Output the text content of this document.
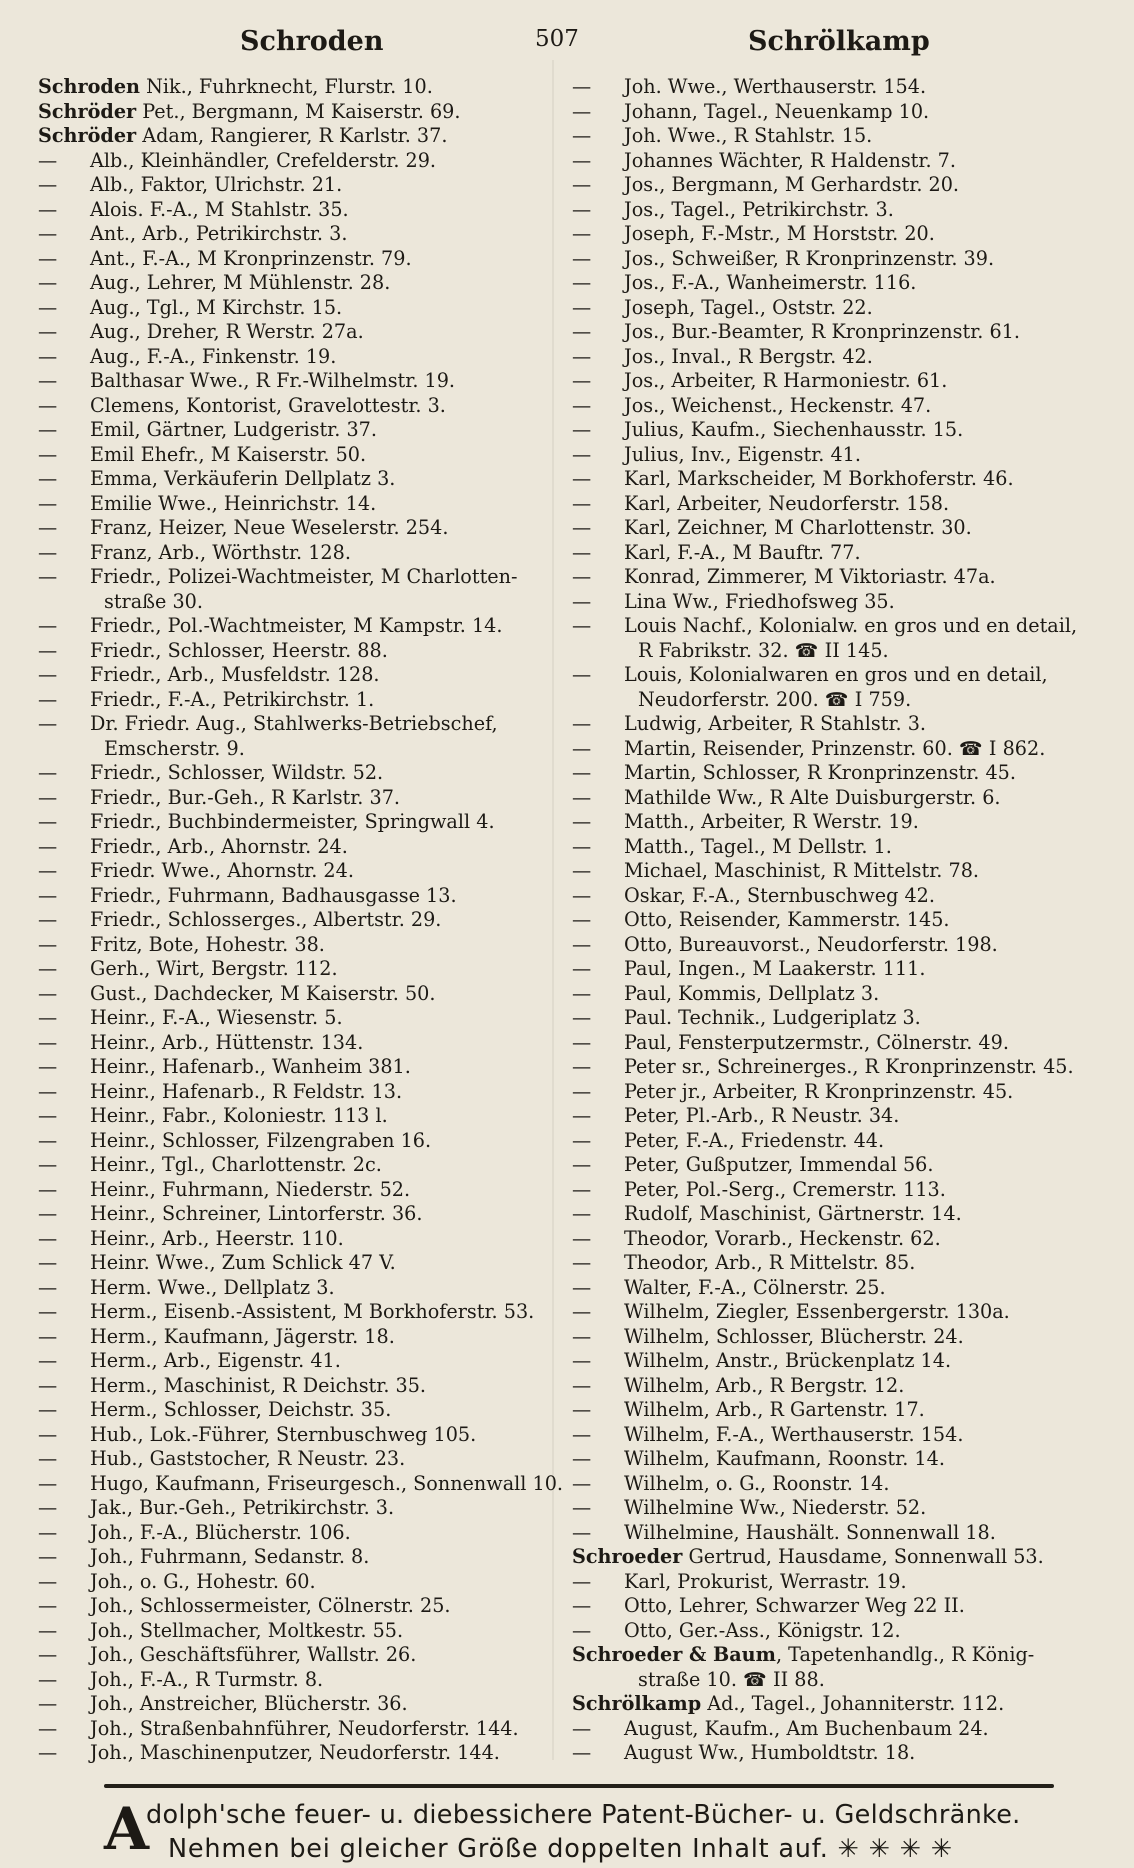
Schroden	507	Schrölkamp
Schroden Nik., Fuhrknecht, Flurstr. 10.
Schröder Pet., Bergmann, M Kaiserstr. 69.
Schröder Adam, Rangierer, R Karlstr. 37.
— Alb., Kleinhändler, Crefelderstr. 29.
— Alb., Faktor, Ulrichstr. 21.
— Alois. F.-A., M Stahlstr. 35.
— Ant., Arb., Petrikirchstr. 3.
— Ant., F.-A., M Kronprinzenstr. 79.
— Aug., Lehrer, M Mühlenstr. 28.
— Aug., Tgl., M Kirchstr. 15.
— Aug., Dreher, R Werstr. 27a.
— Aug., F.-A., Finkenstr. 19.
— Balthasar Wwe., R Fr.-Wilhelmstr. 19.
— Clemens, Kontorist, Gravelottestr. 3.
— Emil, Gärtner, Ludgeristr. 37.
— Emil Ehefr., M Kaiserstr. 50.
— Emma, Verkäuferin Dellplatz 3.
— Emilie Wwe., Heinrichstr. 14.
— Franz, Heizer, Neue Weselerstr. 254.
— Franz, Arb., Wörthstr. 128.
— Friedr., Polizei-Wachtmeister, M Charlotten-
straße 30.
— Friedr., Pol.-Wachtmeister, M Kampstr. 14.
— Friedr., Schlosser, Heerstr. 88.
— Friedr., Arb., Musfeldstr. 128.
— Friedr., F.-A., Petrikirchstr. 1.
— Dr. Friedr. Aug., Stahlwerks-Betriebschef,
Emscherstr. 9.
— Friedr., Schlosser, Wildstr. 52.
— Friedr., Bur.-Geh., R Karlstr. 37.
— Friedr., Buchbindermeister, Springwall 4.
— Friedr., Arb., Ahornstr. 24.
— Friedr. Wwe., Ahornstr. 24.
— Friedr., Fuhrmann, Badhausgasse 13.
— Friedr., Schlosserges., Albertstr. 29.
— Fritz, Bote, Hohestr. 38.
— Gerh., Wirt, Bergstr. 112.
— Gust., Dachdecker, M Kaiserstr. 50.
— Heinr., F.-A., Wiesenstr. 5.
— Heinr., Arb., Hüttenstr. 134.
— Heinr., Hafenarb., Wanheim 381.
— Heinr., Hafenarb., R Feldstr. 13.
— Heinr., Fabr., Koloniestr. 113 l.
— Heinr., Schlosser, Filzengraben 16.
— Heinr., Tgl., Charlottenstr. 2c.
— Heinr., Fuhrmann, Niederstr. 52.
— Heinr., Schreiner, Lintorferstr. 36.
— Heinr., Arb., Heerstr. 110.
— Heinr. Wwe., Zum Schlick 47 V.
— Herm. Wwe., Dellplatz 3.
— Herm., Eisenb.-Assistent, M Borkhoferstr. 53.
— Herm., Kaufmann, Jägerstr. 18.
— Herm., Arb., Eigenstr. 41.
— Herm., Maschinist, R Deichstr. 35.
— Herm., Schlosser, Deichstr. 35.
— Hub., Lok.-Führer, Sternbuschweg 105.
— Hub., Gaststocher, R Neustr. 23.
— Hugo, Kaufmann, Friseurgesch., Sonnenwall 10.
— Jak., Bur.-Geh., Petrikirchstr. 3.
— Joh., F.-A., Blücherstr. 106.
— Joh., Fuhrmann, Sedanstr. 8.
— Joh., o. G., Hohestr. 60.
— Joh., Schlossermeister, Cölnerstr. 25.
— Joh., Stellmacher, Moltkestr. 55.
— Joh., Geschäftsführer, Wallstr. 26.
— Joh., F.-A., R Turmstr. 8.
— Joh., Anstreicher, Blücherstr. 36.
— Joh., Straßenbahnführer, Neudorferstr. 144.
— Joh., Maschinenputzer, Neudorferstr. 144.
— Joh. Wwe., Werthauserstr. 154.
— Johann, Tagel., Neuenkamp 10.
— Joh. Wwe., R Stahlstr. 15.
— Johannes Wächter, R Haldenstr. 7.
— Jos., Bergmann, M Gerhardstr. 20.
— Jos., Tagel., Petrikirchstr. 3.
— Joseph, F.-Mstr., M Horststr. 20.
— Jos., Schweißer, R Kronprinzenstr. 39.
— Jos., F.-A., Wanheimerstr. 116.
— Joseph, Tagel., Oststr. 22.
— Jos., Bur.-Beamter, R Kronprinzenstr. 61.
— Jos., Inval., R Bergstr. 42.
— Jos., Arbeiter, R Harmoniestr. 61.
— Jos., Weichenst., Heckenstr. 47.
— Julius, Kaufm., Siechenhausstr. 15.
— Julius, Inv., Eigenstr. 41.
— Karl, Markscheider, M Borkhoferstr. 46.
— Karl, Arbeiter, Neudorferstr. 158.
— Karl, Zeichner, M Charlottenstr. 30.
— Karl, F.-A., M Bauftr. 77.
— Konrad, Zimmerer, M Viktoriastr. 47a.
— Lina Ww., Friedhofsweg 35.
— Louis Nachf., Kolonialw. en gros und en detail,
R Fabrikstr. 32. ☎ II 145.
— Louis, Kolonialwaren en gros und en detail,
Neudorferstr. 200. ☎ I 759.
— Ludwig, Arbeiter, R Stahlstr. 3.
— Martin, Reisender, Prinzenstr. 60. ☎ I 862.
— Martin, Schlosser, R Kronprinzenstr. 45.
— Mathilde Ww., R Alte Duisburgerstr. 6.
— Matth., Arbeiter, R Werstr. 19.
— Matth., Tagel., M Dellstr. 1.
— Michael, Maschinist, R Mittelstr. 78.
— Oskar, F.-A., Sternbuschweg 42.
— Otto, Reisender, Kammerstr. 145.
— Otto, Bureauvorst., Neudorferstr. 198.
— Paul, Ingen., M Laakerstr. 111.
— Paul, Kommis, Dellplatz 3.
— Paul. Technik., Ludgeriplatz 3.
— Paul, Fensterputzermstr., Cölnerstr. 49.
— Peter sr., Schreinerges., R Kronprinzenstr. 45.
— Peter jr., Arbeiter, R Kronprinzenstr. 45.
— Peter, Pl.-Arb., R Neustr. 34.
— Peter, F.-A., Friedenstr. 44.
— Peter, Gußputzer, Immendal 56.
— Peter, Pol.-Serg., Cremerstr. 113.
— Rudolf, Maschinist, Gärtnerstr. 14.
— Theodor, Vorarb., Heckenstr. 62.
— Theodor, Arb., R Mittelstr. 85.
— Walter, F.-A., Cölnerstr. 25.
— Wilhelm, Ziegler, Essenbergerstr. 130a.
— Wilhelm, Schlosser, Blücherstr. 24.
— Wilhelm, Anstr., Brückenplatz 14.
— Wilhelm, Arb., R Bergstr. 12.
— Wilhelm, Arb., R Gartenstr. 17.
— Wilhelm, F.-A., Werthauserstr. 154.
— Wilhelm, Kaufmann, Roonstr. 14.
— Wilhelm, o. G., Roonstr. 14.
— Wilhelmine Ww., Niederstr. 52.
— Wilhelmine, Haushält. Sonnenwall 18.
Schroeder Gertrud, Hausdame, Sonnenwall 53.
— Karl, Prokurist, Werrastr. 19.
— Otto, Lehrer, Schwarzer Weg 22 II.
— Otto, Ger.-Ass., Königstr. 12.
Schroeder & Baum, Tapetenhandlg., R König-
straße 10. ☎ II 88.
Schrölkamp Ad., Tagel., Johanniterstr. 112.
— August, Kaufm., Am Buchenbaum 24.
— August Ww., Humboldtstr. 18.
A
dolph'sche feuer- u. diebessichere Patent-Bücher- u. Geldschränke.
Nehmen bei gleicher Größe doppelten Inhalt auf. ✳ ✳ ✳ ✳
